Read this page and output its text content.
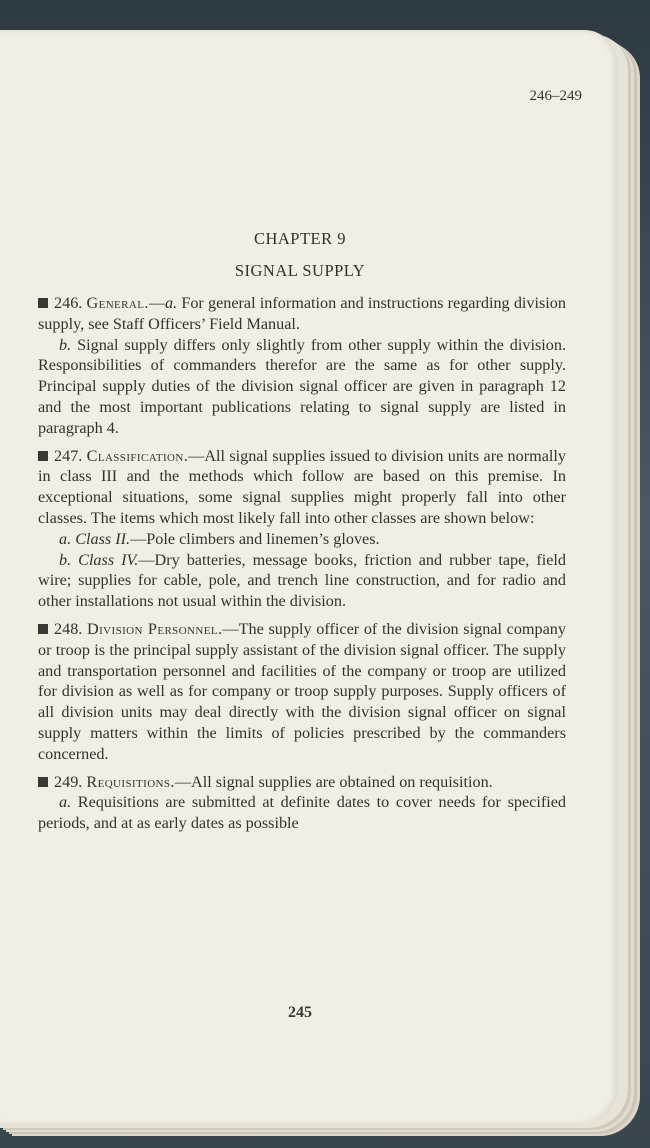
246–249
CHAPTER 9
SIGNAL SUPPLY

246. General.—a. For general information and instructions regarding division supply, see Staff Officers’ Field Manual.

b. Signal supply differs only slightly from other supply within the division. Responsibilities of commanders therefor are the same as for other supply. Principal supply duties of the division signal officer are given in paragraph 12 and the most important publications relating to signal supply are listed in paragraph 4.

247. Classification.—All signal supplies issued to division units are normally in class III and the methods which follow are based on this premise. In exceptional situations, some signal supplies might properly fall into other classes. The items which most likely fall into other classes are shown below:

a. Class II.—Pole climbers and linemen’s gloves.

b. Class IV.—Dry batteries, message books, friction and rubber tape, field wire; supplies for cable, pole, and trench line construction, and for radio and other installations not usual within the division.

248. Division Personnel.—The supply officer of the division signal company or troop is the principal supply assistant of the division signal officer. The supply and transportation personnel and facilities of the company or troop are utilized for division as well as for company or troop supply purposes. Supply officers of all division units may deal directly with the division signal officer on signal supply matters within the limits of policies prescribed by the commanders concerned.

249. Requisitions.—All signal supplies are obtained on requisition.

a. Requisitions are submitted at definite dates to cover needs for specified periods, and at as early dates as possible

245
